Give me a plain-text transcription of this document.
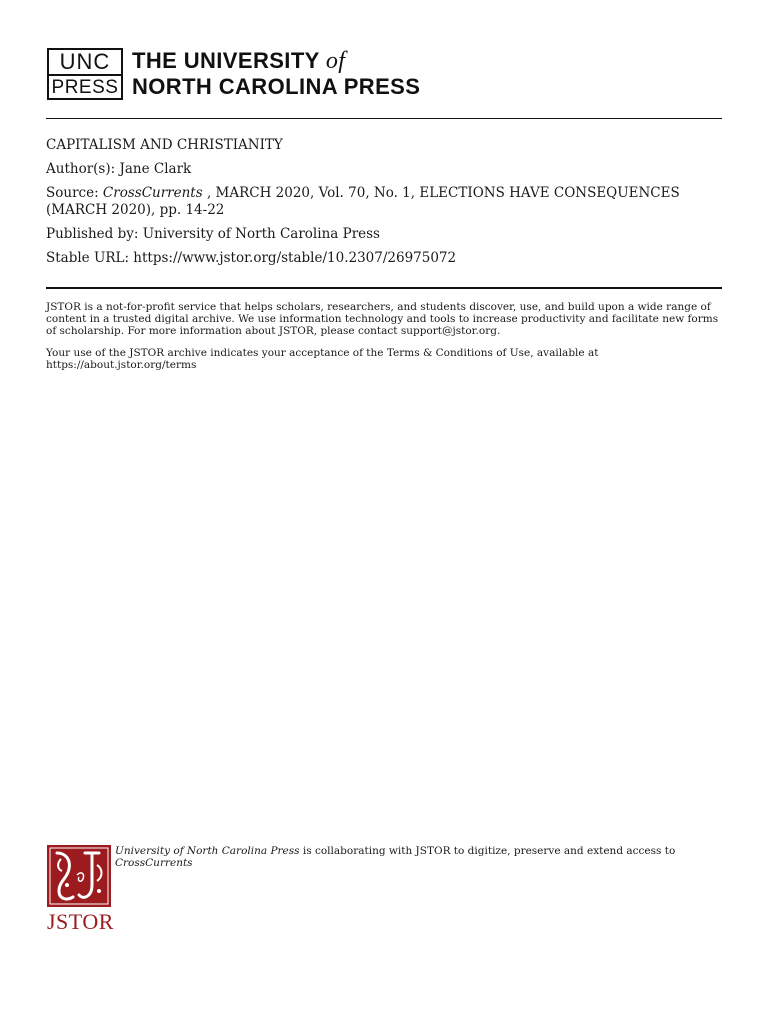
UNC
PRESS
THE UNIVERSITY of
NORTH CAROLINA PRESS

CAPITALISM AND CHRISTIANITY

Author(s): Jane Clark

Source: CrossCurrents , MARCH 2020, Vol. 70, No. 1, ELECTIONS HAVE CONSEQUENCES (MARCH 2020), pp. 14-22

Published by: University of North Carolina Press

Stable URL: https://www.jstor.org/stable/10.2307/26975072

JSTOR is a not-for-profit service that helps scholars, researchers, and students discover, use, and build upon a wide range of content in a trusted digital archive. We use information technology and tools to increase productivity and facilitate new forms of scholarship. For more information about JSTOR, please contact support@jstor.org.

Your use of the JSTOR archive indicates your acceptance of the Terms & Conditions of Use, available at https://about.jstor.org/terms

JSTOR
University of North Carolina Press is collaborating with JSTOR to digitize, preserve and extend access to CrossCurrents
